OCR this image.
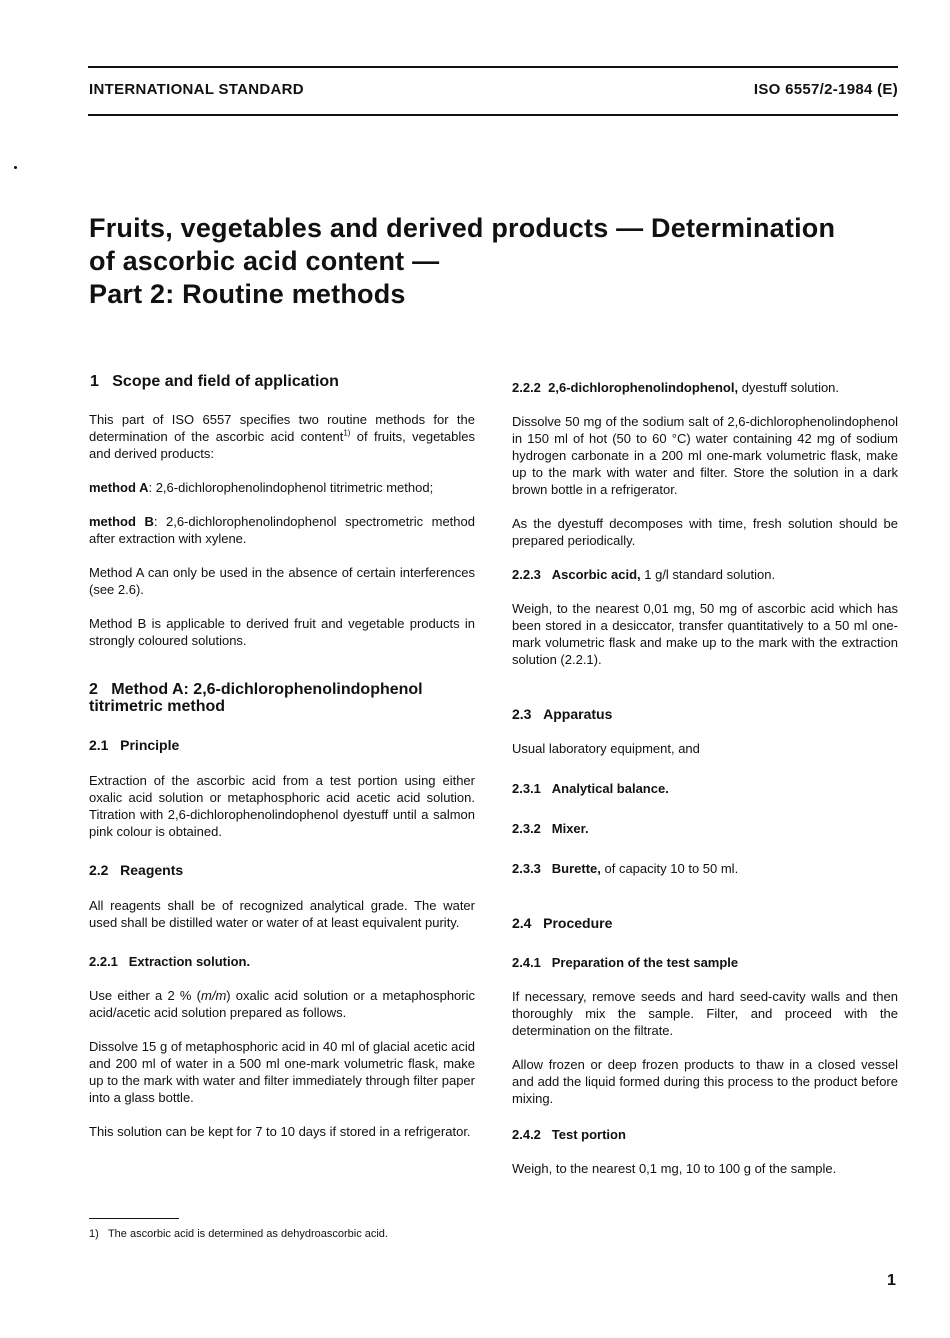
INTERNATIONAL STANDARD	ISO 6557/2-1984 (E)
Fruits, vegetables and derived products — Determination
of ascorbic acid content —
Part 2: Routine methods
1 Scope and field of application

This part of ISO 6557 specifies two routine methods for the determination of the ascorbic acid content$^{1)}$ of fruits, vegetables and derived products:

method A: 2,6-dichlorophenolindophenol titrimetric method;

method B: 2,6-dichlorophenolindophenol spectrometric method after extraction with xylene.

Method A can only be used in the absence of certain interferences (see 2.6).

Method B is applicable to derived fruit and vegetable products in strongly coloured solutions.

2 Method A: 2,6-dichlorophenolindophenol
titrimetric method
2.1 Principle

Extraction of the ascorbic acid from a test portion using either oxalic acid solution or metaphosphoric acid acetic acid solution. Titration with 2,6-dichlorophenolindophenol dyestuff until a salmon pink colour is obtained.

2.2 Reagents

All reagents shall be of recognized analytical grade. The water used shall be distilled water or water of at least equivalent purity.

2.2.1 Extraction solution.

Use either a 2 % (m/m) oxalic acid solution or a metaphosphoric acid/acetic acid solution prepared as follows.

Dissolve 15 g of metaphosphoric acid in 40 ml of glacial acetic acid and 200 ml of water in a 500 ml one-mark volumetric flask, make up to the mark with water and filter immediately through filter paper into a glass bottle.

This solution can be kept for 7 to 10 days if stored in a refrigerator.

2.2.2 2,6-dichlorophenolindophenol, dyestuff solution.

Dissolve 50 mg of the sodium salt of 2,6-dichlorophenolindophenol in 150 ml of hot (50 to 60 °C) water containing 42 mg of sodium hydrogen carbonate in a 200 ml one-mark volumetric flask, make up to the mark with water and filter. Store the solution in a dark brown bottle in a refrigerator.

As the dyestuff decomposes with time, fresh solution should be prepared periodically.

2.2.3 Ascorbic acid, 1 g/l standard solution.

Weigh, to the nearest 0,01 mg, 50 mg of ascorbic acid which has been stored in a desiccator, transfer quantitatively to a 50 ml one-mark volumetric flask and make up to the mark with the extraction solution (2.2.1).

2.3 Apparatus

Usual laboratory equipment, and

2.3.1 Analytical balance.
2.3.2 Mixer.
2.3.3 Burette, of capacity 10 to 50 ml.
2.4 Procedure
2.4.1 Preparation of the test sample

If necessary, remove seeds and hard seed-cavity walls and then thoroughly mix the sample. Filter, and proceed with the determination on the filtrate.

Allow frozen or deep frozen products to thaw in a closed vessel and add the liquid formed during this process to the product before mixing.

2.4.2 Test portion

Weigh, to the nearest 0,1 mg, 10 to 100 g of the sample.

1) The ascorbic acid is determined as dehydroascorbic acid.
1
